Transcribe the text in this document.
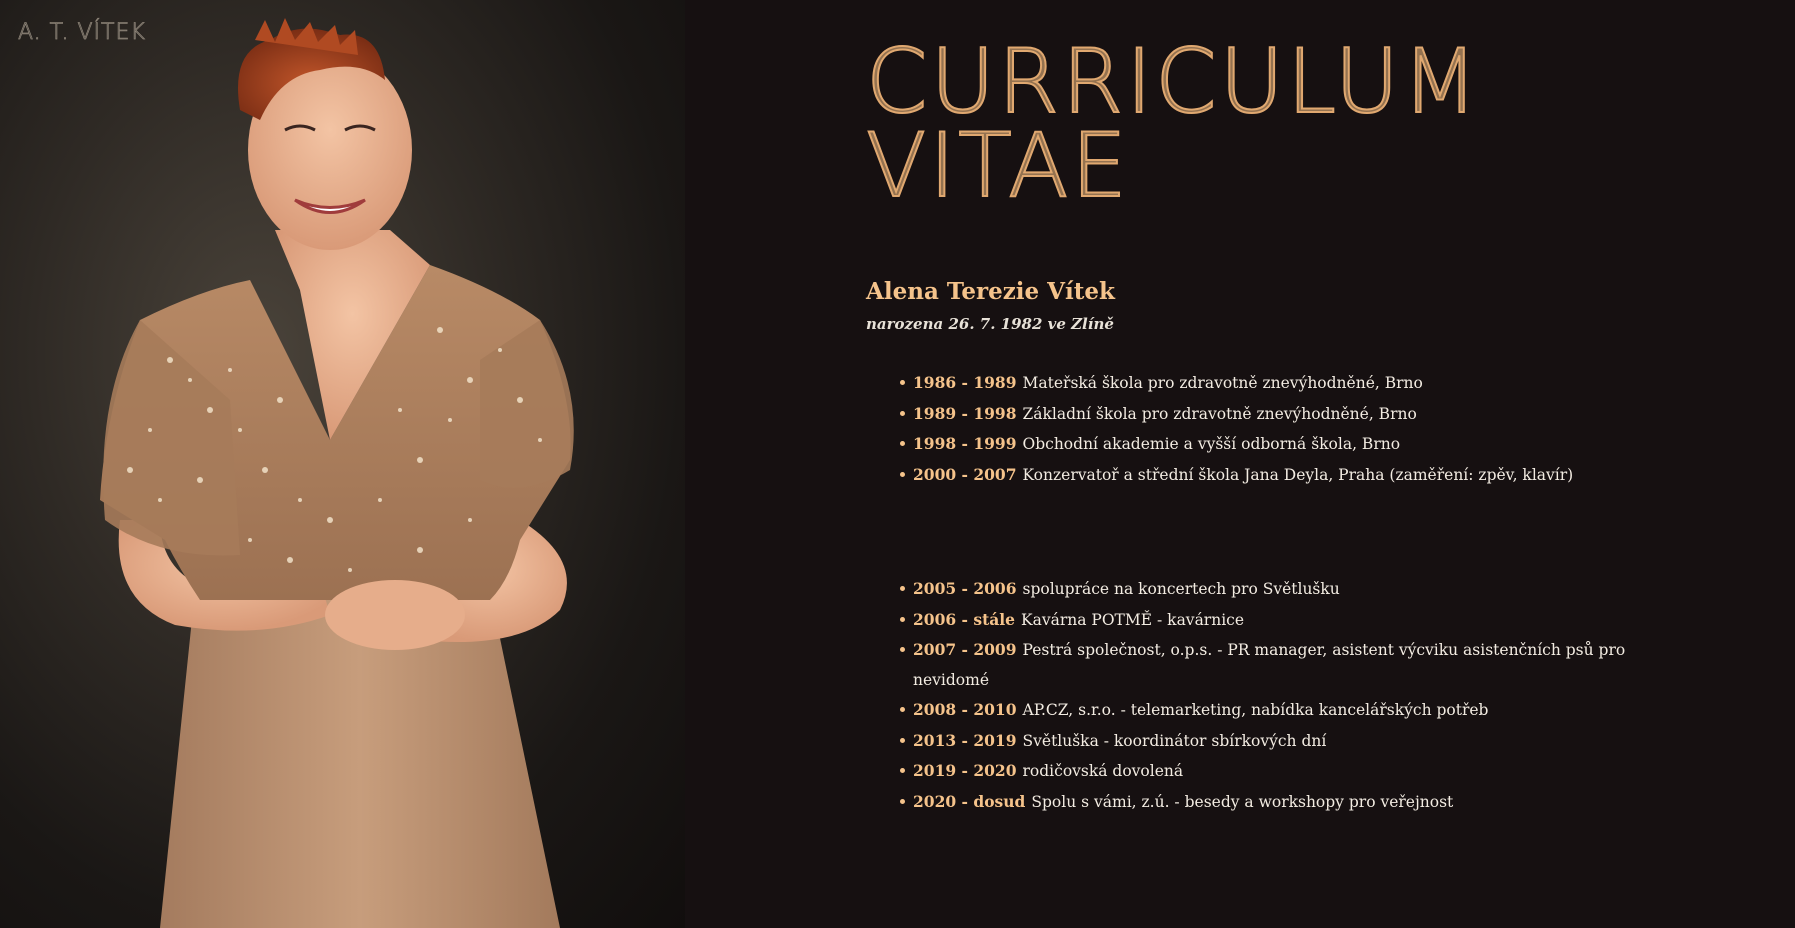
A. T. VÍTEK	CURRICULUM
VITAE
Alena Terezie Vítek

narozena 26. 7. 1982 ve Zlíně

1986 - 1989 Mateřská škola pro zdravotně znevýhodněné, Brno
1989 - 1998 Základní škola pro zdravotně znevýhodněné, Brno
1998 - 1999 Obchodní akademie a vyšší odborná škola, Brno
2000 - 2007 Konzervatoř a střední škola Jana Deyla, Praha (zaměření: zpěv, klavír)
2005 - 2006 spolupráce na koncertech pro Světlušku
2006 - stále Kavárna POTMĚ - kavárnice
2007 - 2009 Pestrá společnost, o.p.s. - PR manager, asistent výcviku asistenčních psů pro nevidomé
2008 - 2010 AP.CZ, s.r.o. - telemarketing, nabídka kancelářských potřeb
2013 - 2019 Světluška - koordinátor sbírkových dní
2019 - 2020 rodičovská dovolená
2020 - dosud Spolu s vámi, z.ú. - besedy a workshopy pro veřejnost
